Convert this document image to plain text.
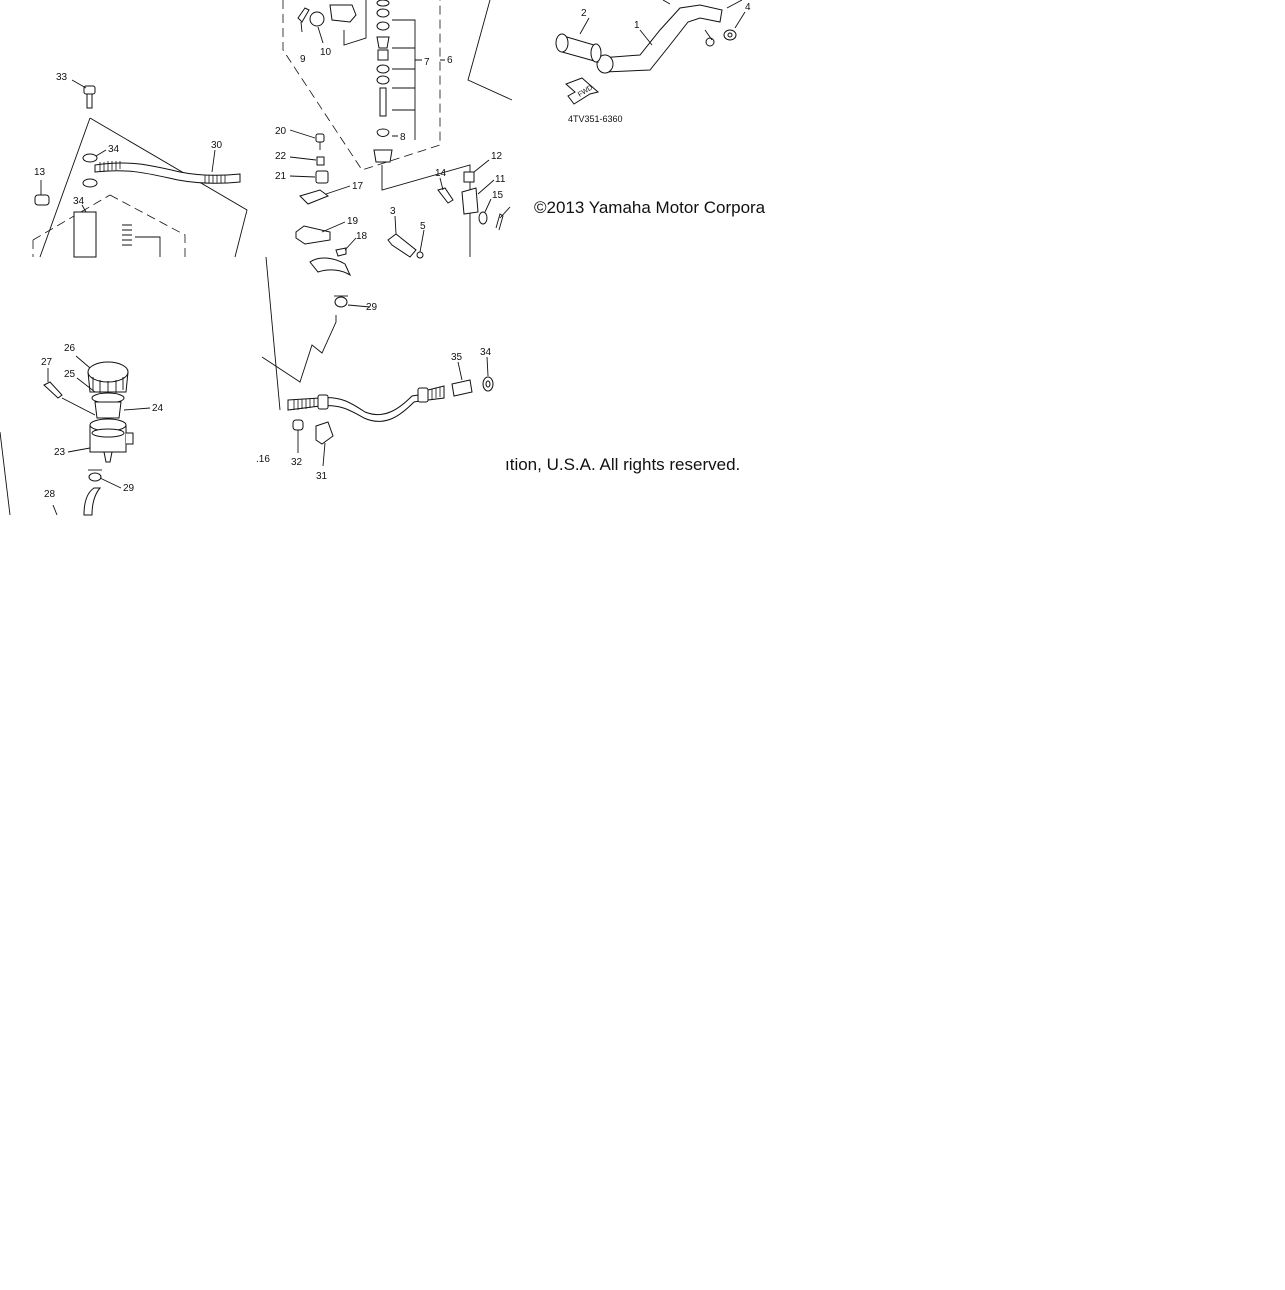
33
34	30
13
34
9
10
7 6
8
20
22
21
17
19
18
14
12
11
15
3
5
FWD
2
1
4
4TV351-6360
27
26
25
24
23
29
28
29
35 34
.16 32
31
©2013 Yamaha Motor Corpora
ıtion, U.S.A. All rights reserved.
